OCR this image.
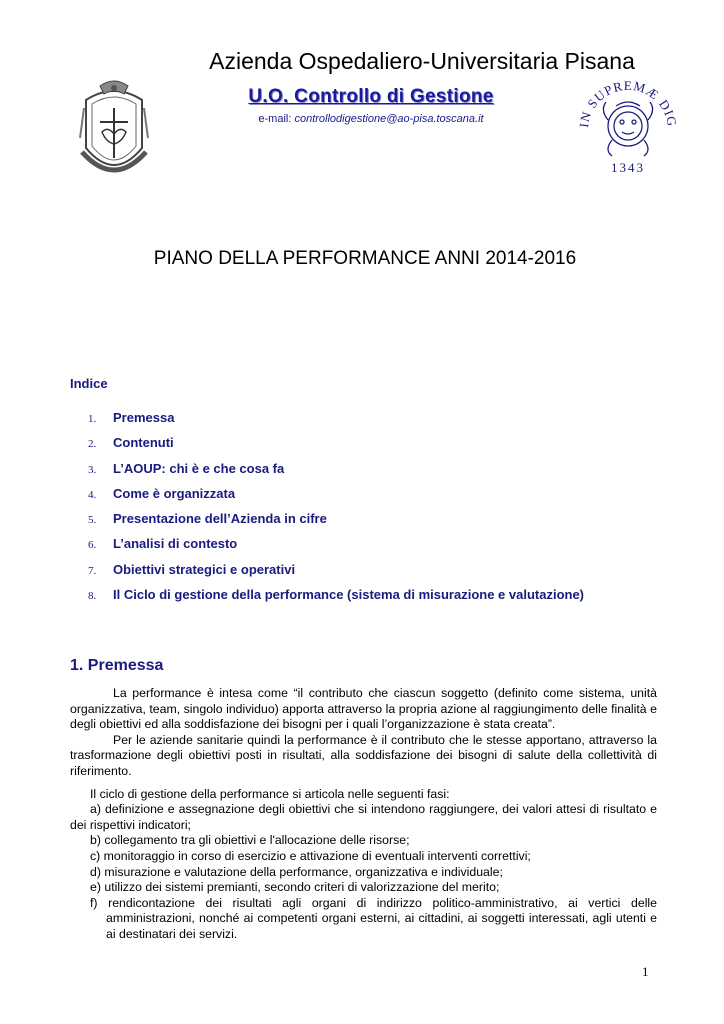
IN SUPREMÆ DIG
1343
Azienda Ospedaliero-Universitaria Pisana
U.O. Controllo di Gestione
e-mail: controllodigestione@ao-pisa.toscana.it
PIANO DELLA PERFORMANCE ANNI 2014-2016
Indice
1.	Premessa
2.	Contenuti
3.	L’AOUP: chi è e che cosa fa
4.	Come è organizzata
5.	Presentazione dell’Azienda in cifre
6.	L’analisi di contesto
7.	Obiettivi strategici e operativi
8.	Il Ciclo di gestione della performance (sistema di misurazione e valutazione)
1. Premessa

La performance è intesa come “il contributo che ciascun soggetto (definito come sistema, unità organizzativa, team, singolo individuo) apporta attraverso la propria azione al raggiungimento delle finalità e degli obiettivi ed alla soddisfazione dei bisogni per i quali l’organizzazione è stata creata”.

Per le aziende sanitarie quindi la performance è il contributo che le stesse apportano, attraverso la trasformazione degli obiettivi posti in risultati, alla soddisfazione dei bisogni di salute della collettività di riferimento.

Il ciclo di gestione della performance si articola nelle seguenti fasi:

a) definizione e assegnazione degli obiettivi che si intendono raggiungere, dei valori attesi di risultato e dei rispettivi indicatori;

b) collegamento tra gli obiettivi e l'allocazione delle risorse;

c) monitoraggio in corso di esercizio e attivazione di eventuali interventi correttivi;

d) misurazione e valutazione della performance, organizzativa e individuale;

e) utilizzo dei sistemi premianti, secondo criteri di valorizzazione del merito;

f) rendicontazione dei risultati agli organi di indirizzo politico-amministrativo, ai vertici delle amministrazioni, nonché ai competenti organi esterni, ai cittadini, ai soggetti interessati, agli utenti e ai destinatari dei servizi.

1
